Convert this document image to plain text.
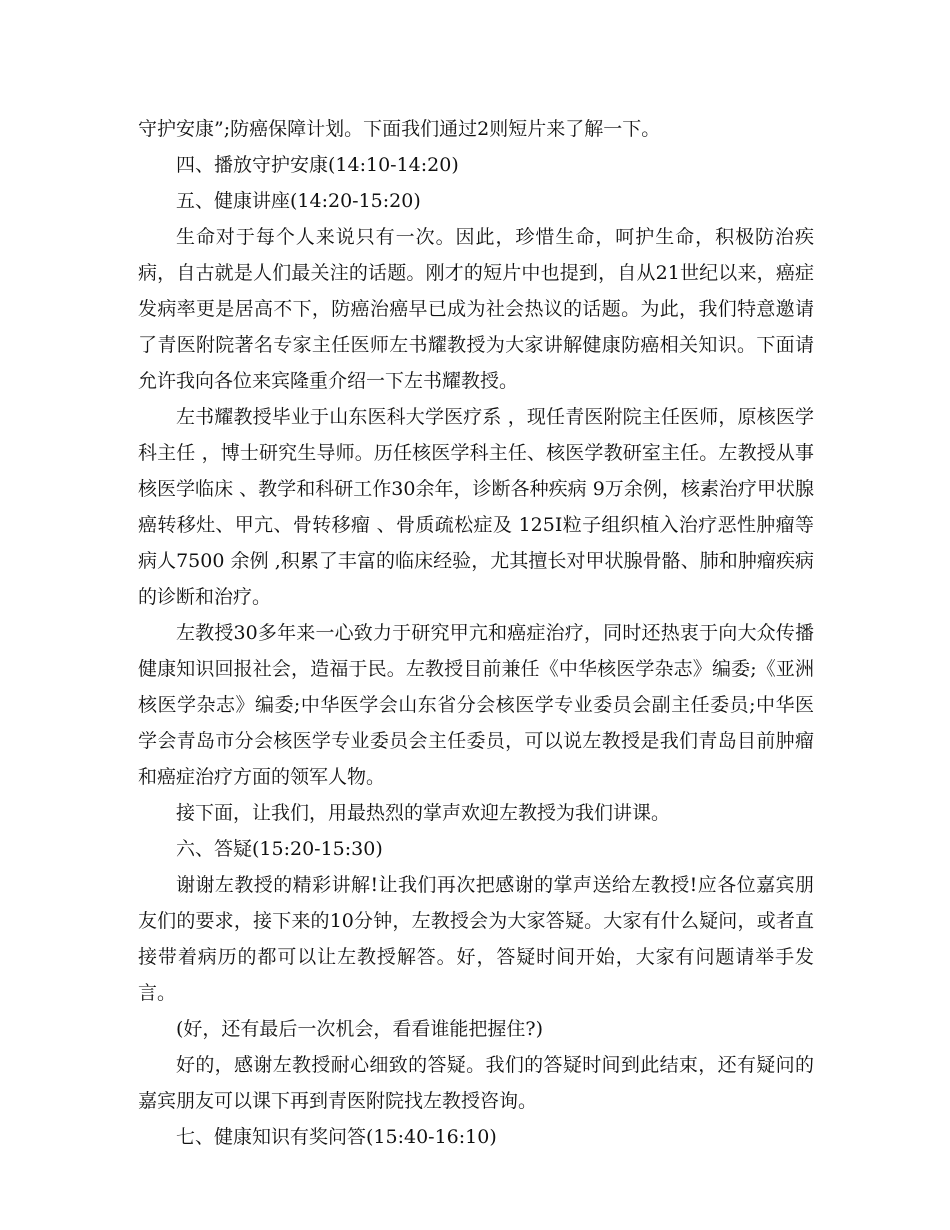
守护安康”;防癌保障计划。下面我们通过2则短片来了解一下。

四、播放守护安康(14:10-14:20)

五、健康讲座(14:20-15:20)

生命对于每个人来说只有一次。因此，珍惜生命，呵护生命，积极防治疾病，自古就是人们最关注的话题。刚才的短片中也提到，自从21世纪以来，癌症发病率更是居高不下，防癌治癌早已成为社会热议的话题。为此，我们特意邀请了青医附院著名专家主任医师左书耀教授为大家讲解健康防癌相关知识。下面请允许我向各位来宾隆重介绍一下左书耀教授。

左书耀教授毕业于山东医科大学医疗系 ，现任青医附院主任医师，原核医学科主任 ，博士研究生导师。历任核医学科主任、核医学教研室主任。左教授从事核医学临床 、教学和科研工作30余年，诊断各种疾病 9万余例，核素治疗甲状腺癌转移灶、甲亢、骨转移瘤 、骨质疏松症及 125I粒子组织植入治疗恶性肿瘤等病人7500 余例 ,积累了丰富的临床经验，尤其擅长对甲状腺骨骼、肺和肿瘤疾病的诊断和治疗。

左教授30多年来一心致力于研究甲亢和癌症治疗，同时还热衷于向大众传播健康知识回报社会，造福于民。左教授目前兼任《中华核医学杂志》编委;《亚洲核医学杂志》编委;中华医学会山东省分会核医学专业委员会副主任委员;中华医学会青岛市分会核医学专业委员会主任委员，可以说左教授是我们青岛目前肿瘤和癌症治疗方面的领军人物。

接下面，让我们，用最热烈的掌声欢迎左教授为我们讲课。

六、答疑(15:20-15:30)

谢谢左教授的精彩讲解!让我们再次把感谢的掌声送给左教授!应各位嘉宾朋友们的要求，接下来的10分钟，左教授会为大家答疑。大家有什么疑问，或者直接带着病历的都可以让左教授解答。好，答疑时间开始，大家有问题请举手发言。

(好，还有最后一次机会，看看谁能把握住?)

好的，感谢左教授耐心细致的答疑。我们的答疑时间到此结束，还有疑问的嘉宾朋友可以课下再到青医附院找左教授咨询。

七、健康知识有奖问答(15:40-16:10)
